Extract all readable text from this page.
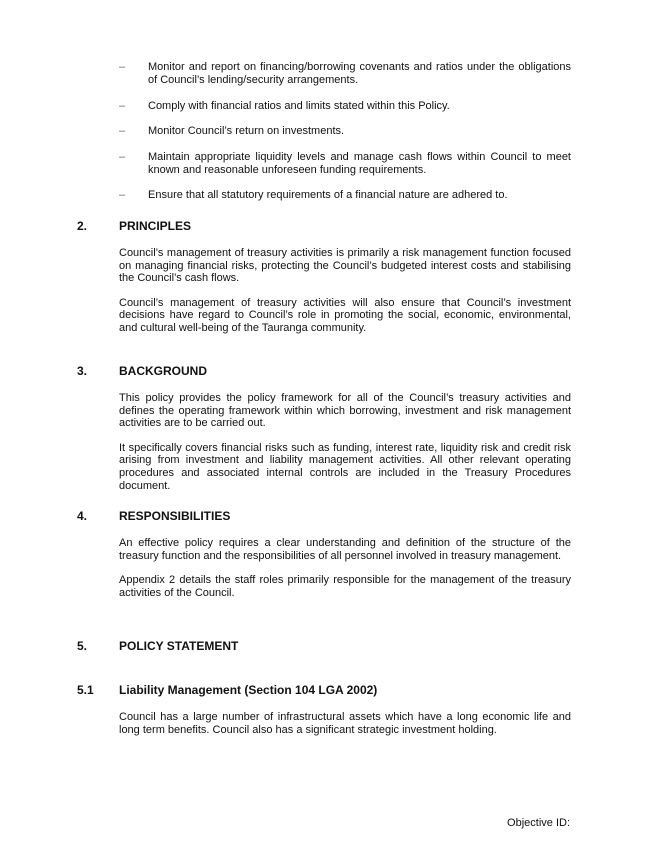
– Monitor and report on financing/borrowing covenants and ratios under the obligations of Council’s lending/security arrangements.
– Comply with financial ratios and limits stated within this Policy.
– Monitor Council’s return on investments.
– Maintain appropriate liquidity levels and manage cash flows within Council to meet known and reasonable unforeseen funding requirements.
– Ensure that all statutory requirements of a financial nature are adhered to.
2.	PRINCIPLES

Council’s management of treasury activities is primarily a risk management function focused on managing financial risks, protecting the Council’s budgeted interest costs and stabilising the Council’s cash flows.

Council’s management of treasury activities will also ensure that Council’s investment decisions have regard to Council’s role in promoting the social, economic, environmental, and cultural well-being of the Tauranga community.

3.	BACKGROUND

This policy provides the policy framework for all of the Council’s treasury activities and defines the operating framework within which borrowing, investment and risk management activities are to be carried out.

It specifically covers financial risks such as funding, interest rate, liquidity risk and credit risk arising from investment and liability management activities. All other relevant operating procedures and associated internal controls are included in the Treasury Procedures document.

4.	RESPONSIBILITIES

An effective policy requires a clear understanding and definition of the structure of the treasury function and the responsibilities of all personnel involved in treasury management.

Appendix 2 details the staff roles primarily responsible for the management of the treasury activities of the Council.

5.	POLICY STATEMENT
5.1	Liability Management (Section 104 LGA 2002)

Council has a large number of infrastructural assets which have a long economic life and long term benefits. Council also has a significant strategic investment holding.

Objective ID:
